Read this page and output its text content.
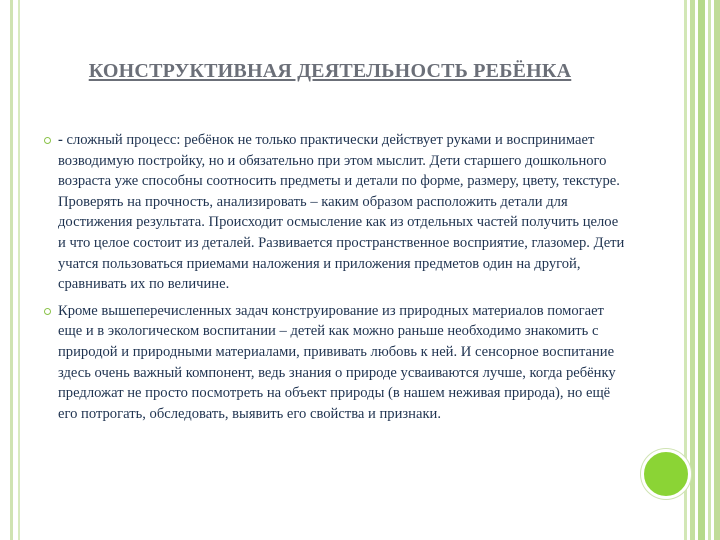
КОНСТРУКТИВНАЯ ДЕЯТЕЛЬНОСТЬ РЕБЁНКА
- сложный процесс: ребёнок не только практически действует руками и воспринимает возводимую постройку, но и обязательно при этом мыслит. Дети старшего дошкольного возраста уже способны соотносить предметы и детали по форме, размеру, цвету, текстуре. Проверять на прочность, анализировать – каким образом расположить детали для достижения результата. Происходит осмысление как из отдельных частей получить целое и что целое состоит из деталей. Развивается пространственное восприятие, глазомер. Дети учатся пользоваться приемами наложения и приложения предметов один на другой, сравнивать их по величине.
Кроме вышеперечисленных задач конструирование из природных материалов помогает еще и в экологическом воспитании – детей как можно раньше необходимо знакомить с природой и природными материалами, прививать любовь к ней. И сенсорное воспитание здесь очень важный компонент, ведь знания о природе усваиваются лучше, когда ребёнку предложат не просто посмотреть на объект природы (в нашем неживая природа), но ещё его потрогать, обследовать, выявить его свойства и признаки.
